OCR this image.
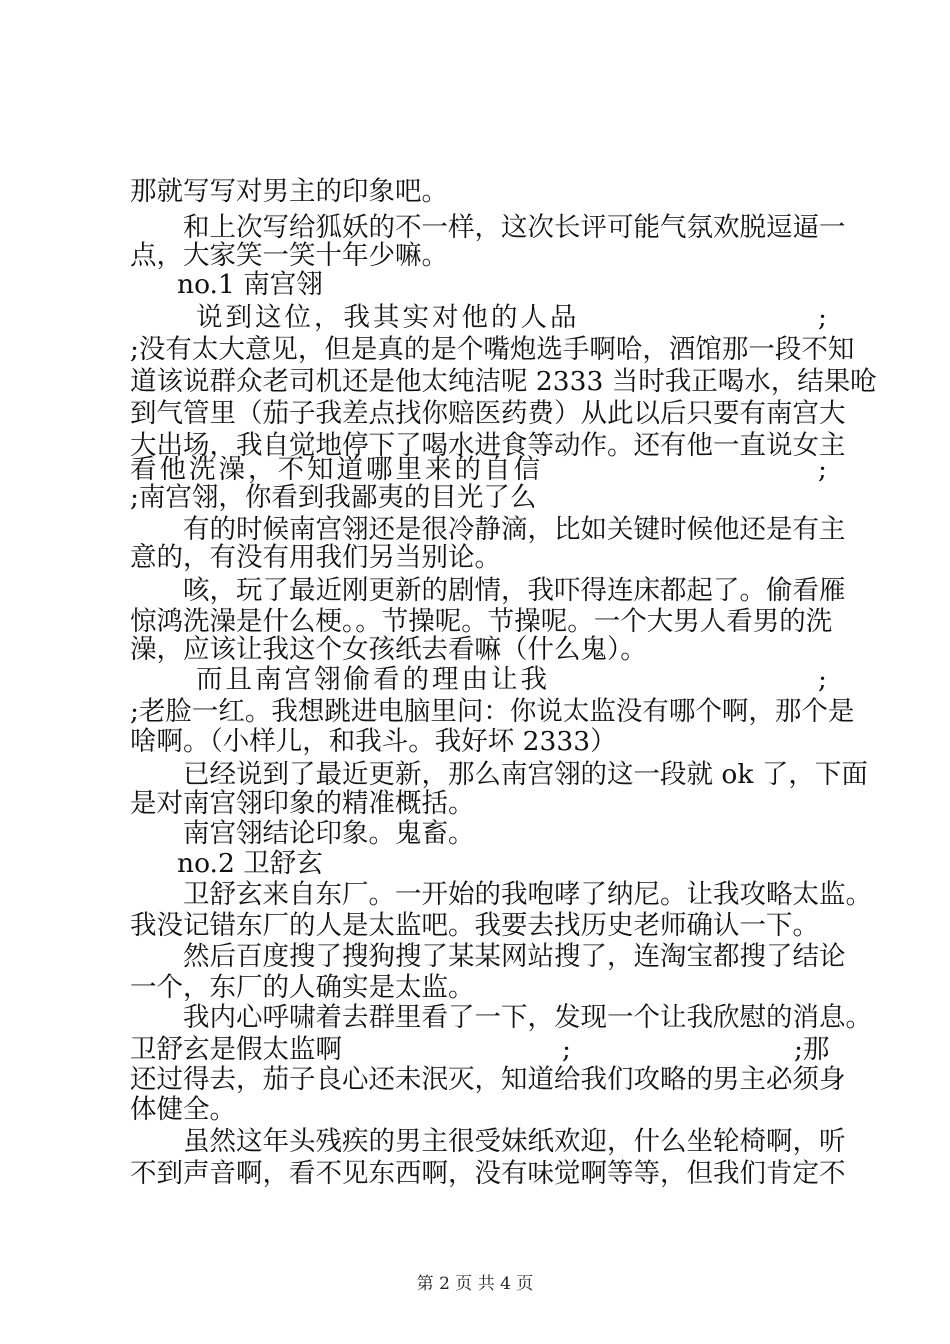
那就写写对男主的印象吧。
和上次写给狐妖的不一样，这次长评可能气氛欢脱逗逼一
点，大家笑一笑十年少嘛。
no.1 南宫翎
说到这位，我其实对他的人品	;
;没有太大意见，但是真的是个嘴炮选手啊哈，酒馆那一段不知
道该说群众老司机还是他太纯洁呢 2333 当时我正喝水，结果呛
到气管里（茄子我差点找你赔医药费）从此以后只要有南宫大
大出场，我自觉地停下了喝水进食等动作。还有他一直说女主
看他洗澡，不知道哪里来的自信	;
;南宫翎，你看到我鄙夷的目光了么
有的时候南宫翎还是很冷静滴，比如关键时候他还是有主
意的，有没有用我们另当别论。
咳，玩了最近刚更新的剧情，我吓得连床都起了。偷看雁
惊鸿洗澡是什么梗。。节操呢。节操呢。一个大男人看男的洗
澡，应该让我这个女孩纸去看嘛（什么鬼）。
而且南宫翎偷看的理由让我	;
;老脸一红。我想跳进电脑里问：你说太监没有哪个啊，那个是
啥啊。（小样儿，和我斗。我好坏 2333）
已经说到了最近更新，那么南宫翎的这一段就 ok 了，下面
是对南宫翎印象的精准概括。
南宫翎结论印象。鬼畜。
no.2 卫舒玄
卫舒玄来自东厂。一开始的我咆哮了纳尼。让我攻略太监。
我没记错东厂的人是太监吧。我要去找历史老师确认一下。
然后百度搜了搜狗搜了某某网站搜了，连淘宝都搜了结论
一个，东厂的人确实是太监。
我内心呼啸着去群里看了一下，发现一个让我欣慰的消息。
卫舒玄是假太监啊	;	;那
还过得去，茄子良心还未泯灭，知道给我们攻略的男主必须身
体健全。
虽然这年头残疾的男主很受妹纸欢迎，什么坐轮椅啊，听
不到声音啊，看不见东西啊，没有味觉啊等等，但我们肯定不
第 2 页 共 4 页
